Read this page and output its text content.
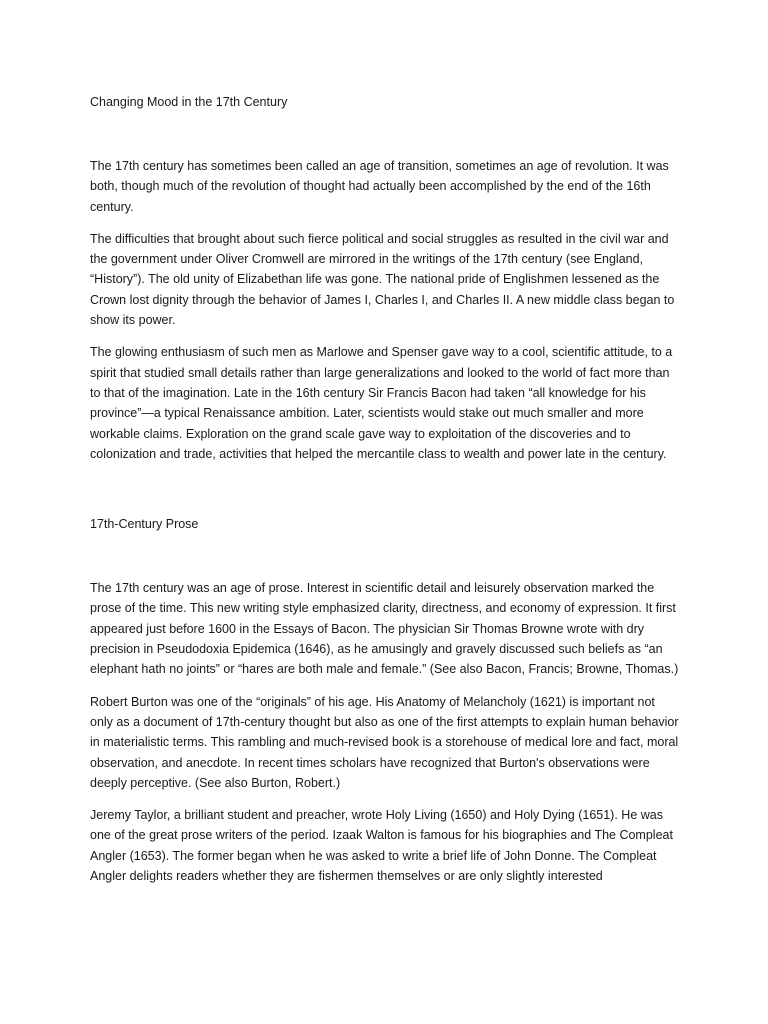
Changing Mood in the 17th Century

The 17th century has sometimes been called an age of transition, sometimes an age of revolution. It was both, though much of the revolution of thought had actually been accomplished by the end of the 16th century.

The difficulties that brought about such fierce political and social struggles as resulted in the civil war and the government under Oliver Cromwell are mirrored in the writings of the 17th century (see England, “History”). The old unity of Elizabethan life was gone. The national pride of Englishmen lessened as the Crown lost dignity through the behavior of James I, Charles I, and Charles II. A new middle class began to show its power.

The glowing enthusiasm of such men as Marlowe and Spenser gave way to a cool, scientific attitude, to a spirit that studied small details rather than large generalizations and looked to the world of fact more than to that of the imagination. Late in the 16th century Sir Francis Bacon had taken “all knowledge for his province”—a typical Renaissance ambition. Later, scientists would stake out much smaller and more workable claims. Exploration on the grand scale gave way to exploitation of the discoveries and to colonization and trade, activities that helped the mercantile class to wealth and power late in the century.

17th-Century Prose

The 17th century was an age of prose. Interest in scientific detail and leisurely observation marked the prose of the time. This new writing style emphasized clarity, directness, and economy of expression. It first appeared just before 1600 in the Essays of Bacon. The physician Sir Thomas Browne wrote with dry precision in Pseudodoxia Epidemica (1646), as he amusingly and gravely discussed such beliefs as “an elephant hath no joints” or “hares are both male and female.” (See also Bacon, Francis; Browne, Thomas.)

Robert Burton was one of the “originals” of his age. His Anatomy of Melancholy (1621) is important not only as a document of 17th-century thought but also as one of the first attempts to explain human behavior in materialistic terms. This rambling and much-revised book is a storehouse of medical lore and fact, moral observation, and anecdote. In recent times scholars have recognized that Burton's observations were deeply perceptive. (See also Burton, Robert.)

Jeremy Taylor, a brilliant student and preacher, wrote Holy Living (1650) and Holy Dying (1651). He was one of the great prose writers of the period. Izaak Walton is famous for his biographies and The Compleat Angler (1653). The former began when he was asked to write a brief life of John Donne. The Compleat Angler delights readers whether they are fishermen themselves or are only slightly interested
